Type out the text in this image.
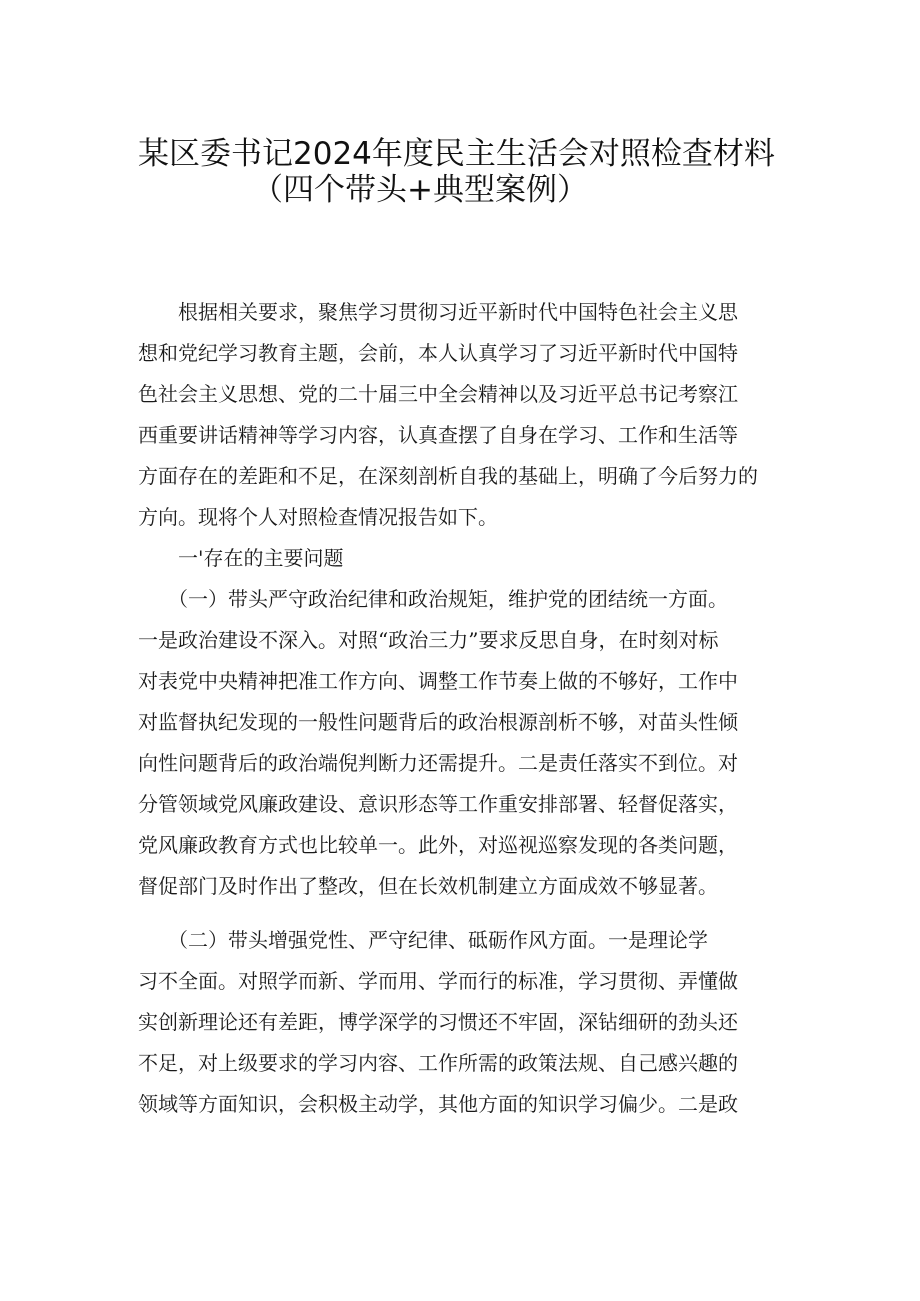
某区委书记2024年度民主生活会对照检查材料
（四个带头+典型案例）
　　根据相关要求，聚焦学习贯彻习近平新时代中国特色社会主义思
想和党纪学习教育主题，会前，本人认真学习了习近平新时代中国特
色社会主义思想、党的二十届三中全会精神以及习近平总书记考察江
西重要讲话精神等学习内容，认真查摆了自身在学习、工作和生活等
方面存在的差距和不足，在深刻剖析自我的基础上，明确了今后努力的
方向。现将个人对照检查情况报告如下。
　　一'存在的主要问题
　　（一）带头严守政治纪律和政治规矩，维护党的团结统一方面。
一是政治建设不深入。对照“政治三力”要求反思自身，在时刻对标
对表党中央精神把准工作方向、调整工作节奏上做的不够好，工作中
对监督执纪发现的一般性问题背后的政治根源剖析不够，对苗头性倾
向性问题背后的政治端倪判断力还需提升。二是责任落实不到位。对
分管领域党风廉政建设、意识形态等工作重安排部署、轻督促落实，
党风廉政教育方式也比较单一。此外，对巡视巡察发现的各类问题，
督促部门及时作出了整改，但在长效机制建立方面成效不够显著。
　　（二）带头增强党性、严守纪律、砥砺作风方面。一是理论学
习不全面。对照学而新、学而用、学而行的标准，学习贯彻、弄懂做
实创新理论还有差距，博学深学的习惯还不牢固，深钻细研的劲头还
不足，对上级要求的学习内容、工作所需的政策法规、自己感兴趣的
领域等方面知识，会积极主动学，其他方面的知识学习偏少。二是政
